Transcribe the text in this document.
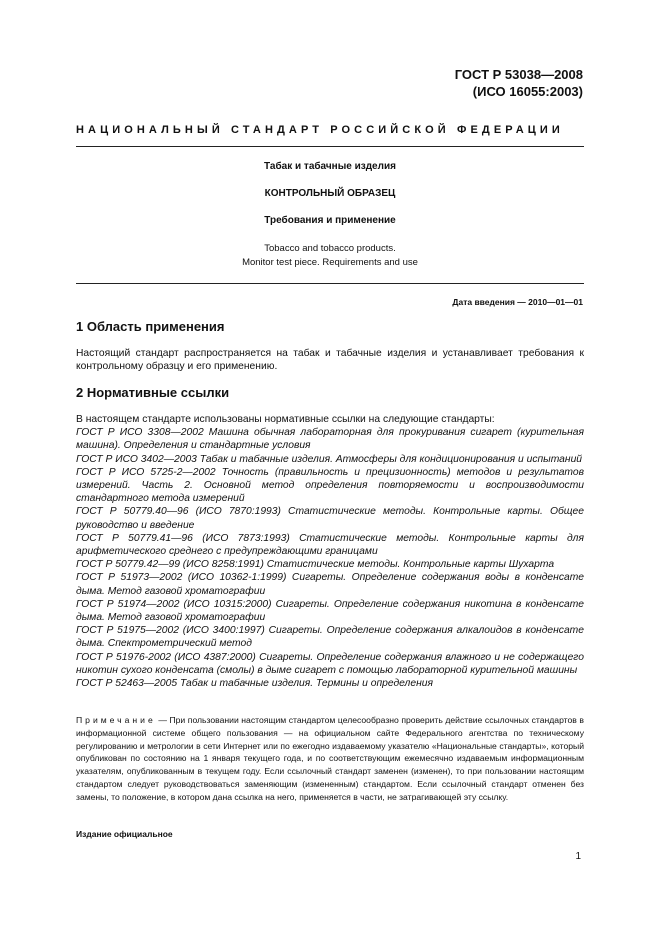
ГОСТ Р 53038—2008
(ИСО 16055:2003)
НАЦИОНАЛЬНЫЙ СТАНДАРТ РОССИЙСКОЙ ФЕДЕРАЦИИ
Табак и табачные изделия
КОНТРОЛЬНЫЙ ОБРАЗЕЦ
Требования и применение
Tobacco and tobacco products.
Monitor test piece. Requirements and use
Дата введения — 2010—01—01
1 Область применения

Настоящий стандарт распространяется на табак и табачные изделия и устанавливает требования к контрольному образцу и его применению.

2 Нормативные ссылки

В настоящем стандарте использованы нормативные ссылки на следующие стандарты:

ГОСТ Р ИСО 3308—2002 Машина обычная лабораторная для прокуривания сигарет (курительная машина). Определения и стандартные условия

ГОСТ Р ИСО 3402—2003 Табак и табачные изделия. Атмосферы для кондиционирования и испытаний

ГОСТ Р ИСО 5725-2—2002 Точность (правильность и прецизионность) методов и результатов измерений. Часть 2. Основной метод определения повторяемости и воспроизводимости стандартного метода измерений

ГОСТ Р 50779.40—96 (ИСО 7870:1993) Статистические методы. Контрольные карты. Общее руководство и введение

ГОСТ Р 50779.41—96 (ИСО 7873:1993) Статистические методы. Контрольные карты для арифметического среднего с предупреждающими границами

ГОСТ Р 50779.42—99 (ИСО 8258:1991) Статистические методы. Контрольные карты Шухарта

ГОСТ Р 51973—2002 (ИСО 10362-1:1999) Сигареты. Определение содержания воды в конденсате дыма. Метод газовой хроматографии

ГОСТ Р 51974—2002 (ИСО 10315:2000) Сигареты. Определение содержания никотина в конденсате дыма. Метод газовой хроматографии

ГОСТ Р 51975—2002 (ИСО 3400:1997) Сигареты. Определение содержания алкалоидов в конденсате дыма. Спектрометрический метод

ГОСТ Р 51976-2002 (ИСО 4387:2000) Сигареты. Определение содержания влажного и не содержащего никотин сухого конденсата (смолы) в дыме сигарет с помощью лабораторной курительной машины

ГОСТ Р 52463—2005 Табак и табачные изделия. Термины и определения

Примечание — При пользовании настоящим стандартом целесообразно проверить действие ссылочных стандартов в информационной системе общего пользования — на официальном сайте Федерального агентства по техническому регулированию и метрологии в сети Интернет или по ежегодно издаваемому указателю «Национальные стандарты», который опубликован по состоянию на 1 января текущего года, и по соответствующим ежемесячно издаваемым информационным указателям, опубликованным в текущем году. Если ссылочный стандарт заменен (изменен), то при пользовании настоящим стандартом следует руководствоваться заменяющим (измененным) стандартом. Если ссылочный стандарт отменен без замены, то положение, в котором дана ссылка на него, применяется в части, не затрагивающей эту ссылку.
Издание официальное
1
